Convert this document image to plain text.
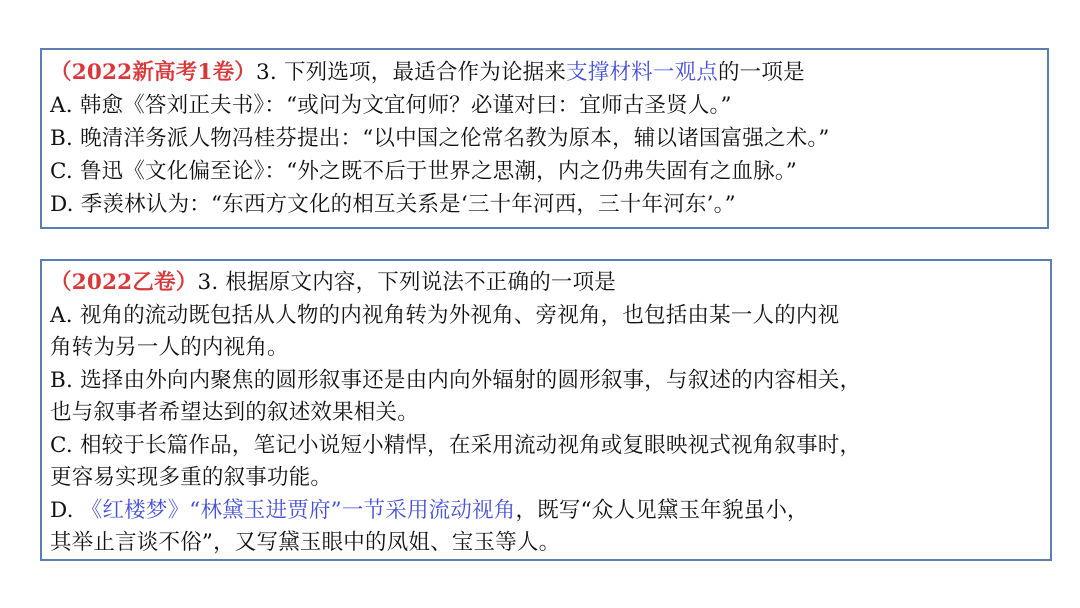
（2022新高考1卷）3. 下列选项，最适合作为论据来支撑材料一观点的一项是
A. 韩愈《答刘正夫书》：“或问为文宜何师？必谨对曰：宜师古圣贤人。”
B. 晚清洋务派人物冯桂芬提出：“以中国之伦常名教为原本，辅以诸国富强之术。”
C. 鲁迅《文化偏至论》：“外之既不后于世界之思潮，内之仍弗失固有之血脉。”
D. 季羡林认为：“东西方文化的相互关系是‘三十年河西，三十年河东’。”
（2022乙卷）3. 根据原文内容，下列说法不正确的一项是
A. 视角的流动既包括从人物的内视角转为外视角、旁视角，也包括由某一人的内视
角转为另一人的内视角。
B. 选择由外向内聚焦的圆形叙事还是由内向外辐射的圆形叙事，与叙述的内容相关，
也与叙事者希望达到的叙述效果相关。
C. 相较于长篇作品，笔记小说短小精悍，在采用流动视角或复眼映视式视角叙事时，
更容易实现多重的叙事功能。
D. 《红楼梦》“林黛玉进贾府”一节采用流动视角，既写“众人见黛玉年貌虽小，
其举止言谈不俗”，又写黛玉眼中的凤姐、宝玉等人。
